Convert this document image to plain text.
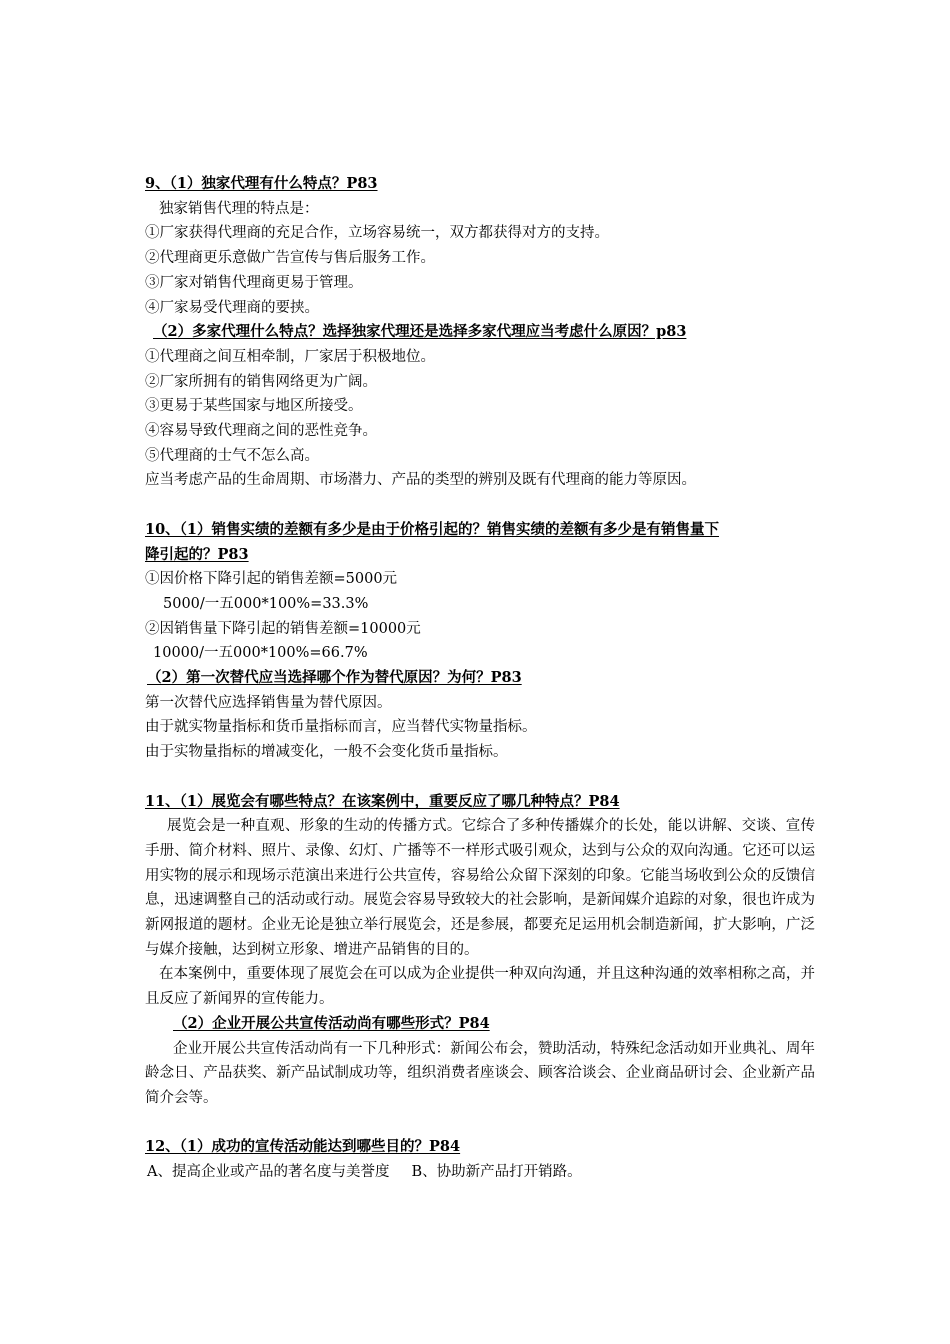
9、（1）独家代理有什么特点？P83
独家销售代理的特点是：
①厂家获得代理商的充足合作，立场容易统一，双方都获得对方的支持。
②代理商更乐意做广告宣传与售后服务工作。
③厂家对销售代理商更易于管理。
④厂家易受代理商的要挟。
（2）多家代理什么特点？选择独家代理还是选择多家代理应当考虑什么原因？p83
①代理商之间互相牵制，厂家居于积极地位。
②厂家所拥有的销售网络更为广阔。
③更易于某些国家与地区所接受。
④容易导致代理商之间的恶性竞争。
⑤代理商的士气不怎么高。
应当考虑产品的生命周期、市场潜力、产品的类型的辨别及既有代理商的能力等原因。
10、（1）销售实绩的差额有多少是由于价格引起的？销售实绩的差额有多少是有销售量下
降引起的？P83
①因价格下降引起的销售差额=5000元
5000/一五000*100%=33.3%
②因销售量下降引起的销售差额=10000元
10000/一五000*100%=66.7%
（2）第一次替代应当选择哪个作为替代原因？为何？P83
第一次替代应选择销售量为替代原因。
由于就实物量指标和货币量指标而言，应当替代实物量指标。
由于实物量指标的增减变化，一般不会变化货币量指标。
11、（1）展览会有哪些特点？在该案例中，重要反应了哪几种特点？P84
展览会是一种直观、形象的生动的传播方式。它综合了多种传播媒介的长处，能以讲解、交谈、宣传手册、简介材料、照片、录像、幻灯、广播等不一样形式吸引观众，达到与公众的双向沟通。它还可以运用实物的展示和现场示范演出来进行公共宣传，容易给公众留下深刻的印象。它能当场收到公众的反馈信息，迅速调整自己的活动或行动。展览会容易导致较大的社会影响，是新闻媒介追踪的对象，很也许成为新网报道的题材。企业无论是独立举行展览会，还是参展，都要充足运用机会制造新闻，扩大影响，广泛与媒介接触，达到树立形象、增进产品销售的目的。
在本案例中，重要体现了展览会在可以成为企业提供一种双向沟通，并且这种沟通的效率相称之高，并且反应了新闻界的宣传能力。
（2）企业开展公共宣传活动尚有哪些形式？P84
企业开展公共宣传活动尚有一下几种形式：新闻公布会，赞助活动，特殊纪念活动如开业典礼、周年龄念日、产品获奖、新产品试制成功等，组织消费者座谈会、顾客洽谈会、企业商品研讨会、企业新产品简介会等。
12、（1）成功的宣传活动能达到哪些目的？P84
A、提高企业或产品的著名度与美誉度 B、协助新产品打开销路。
